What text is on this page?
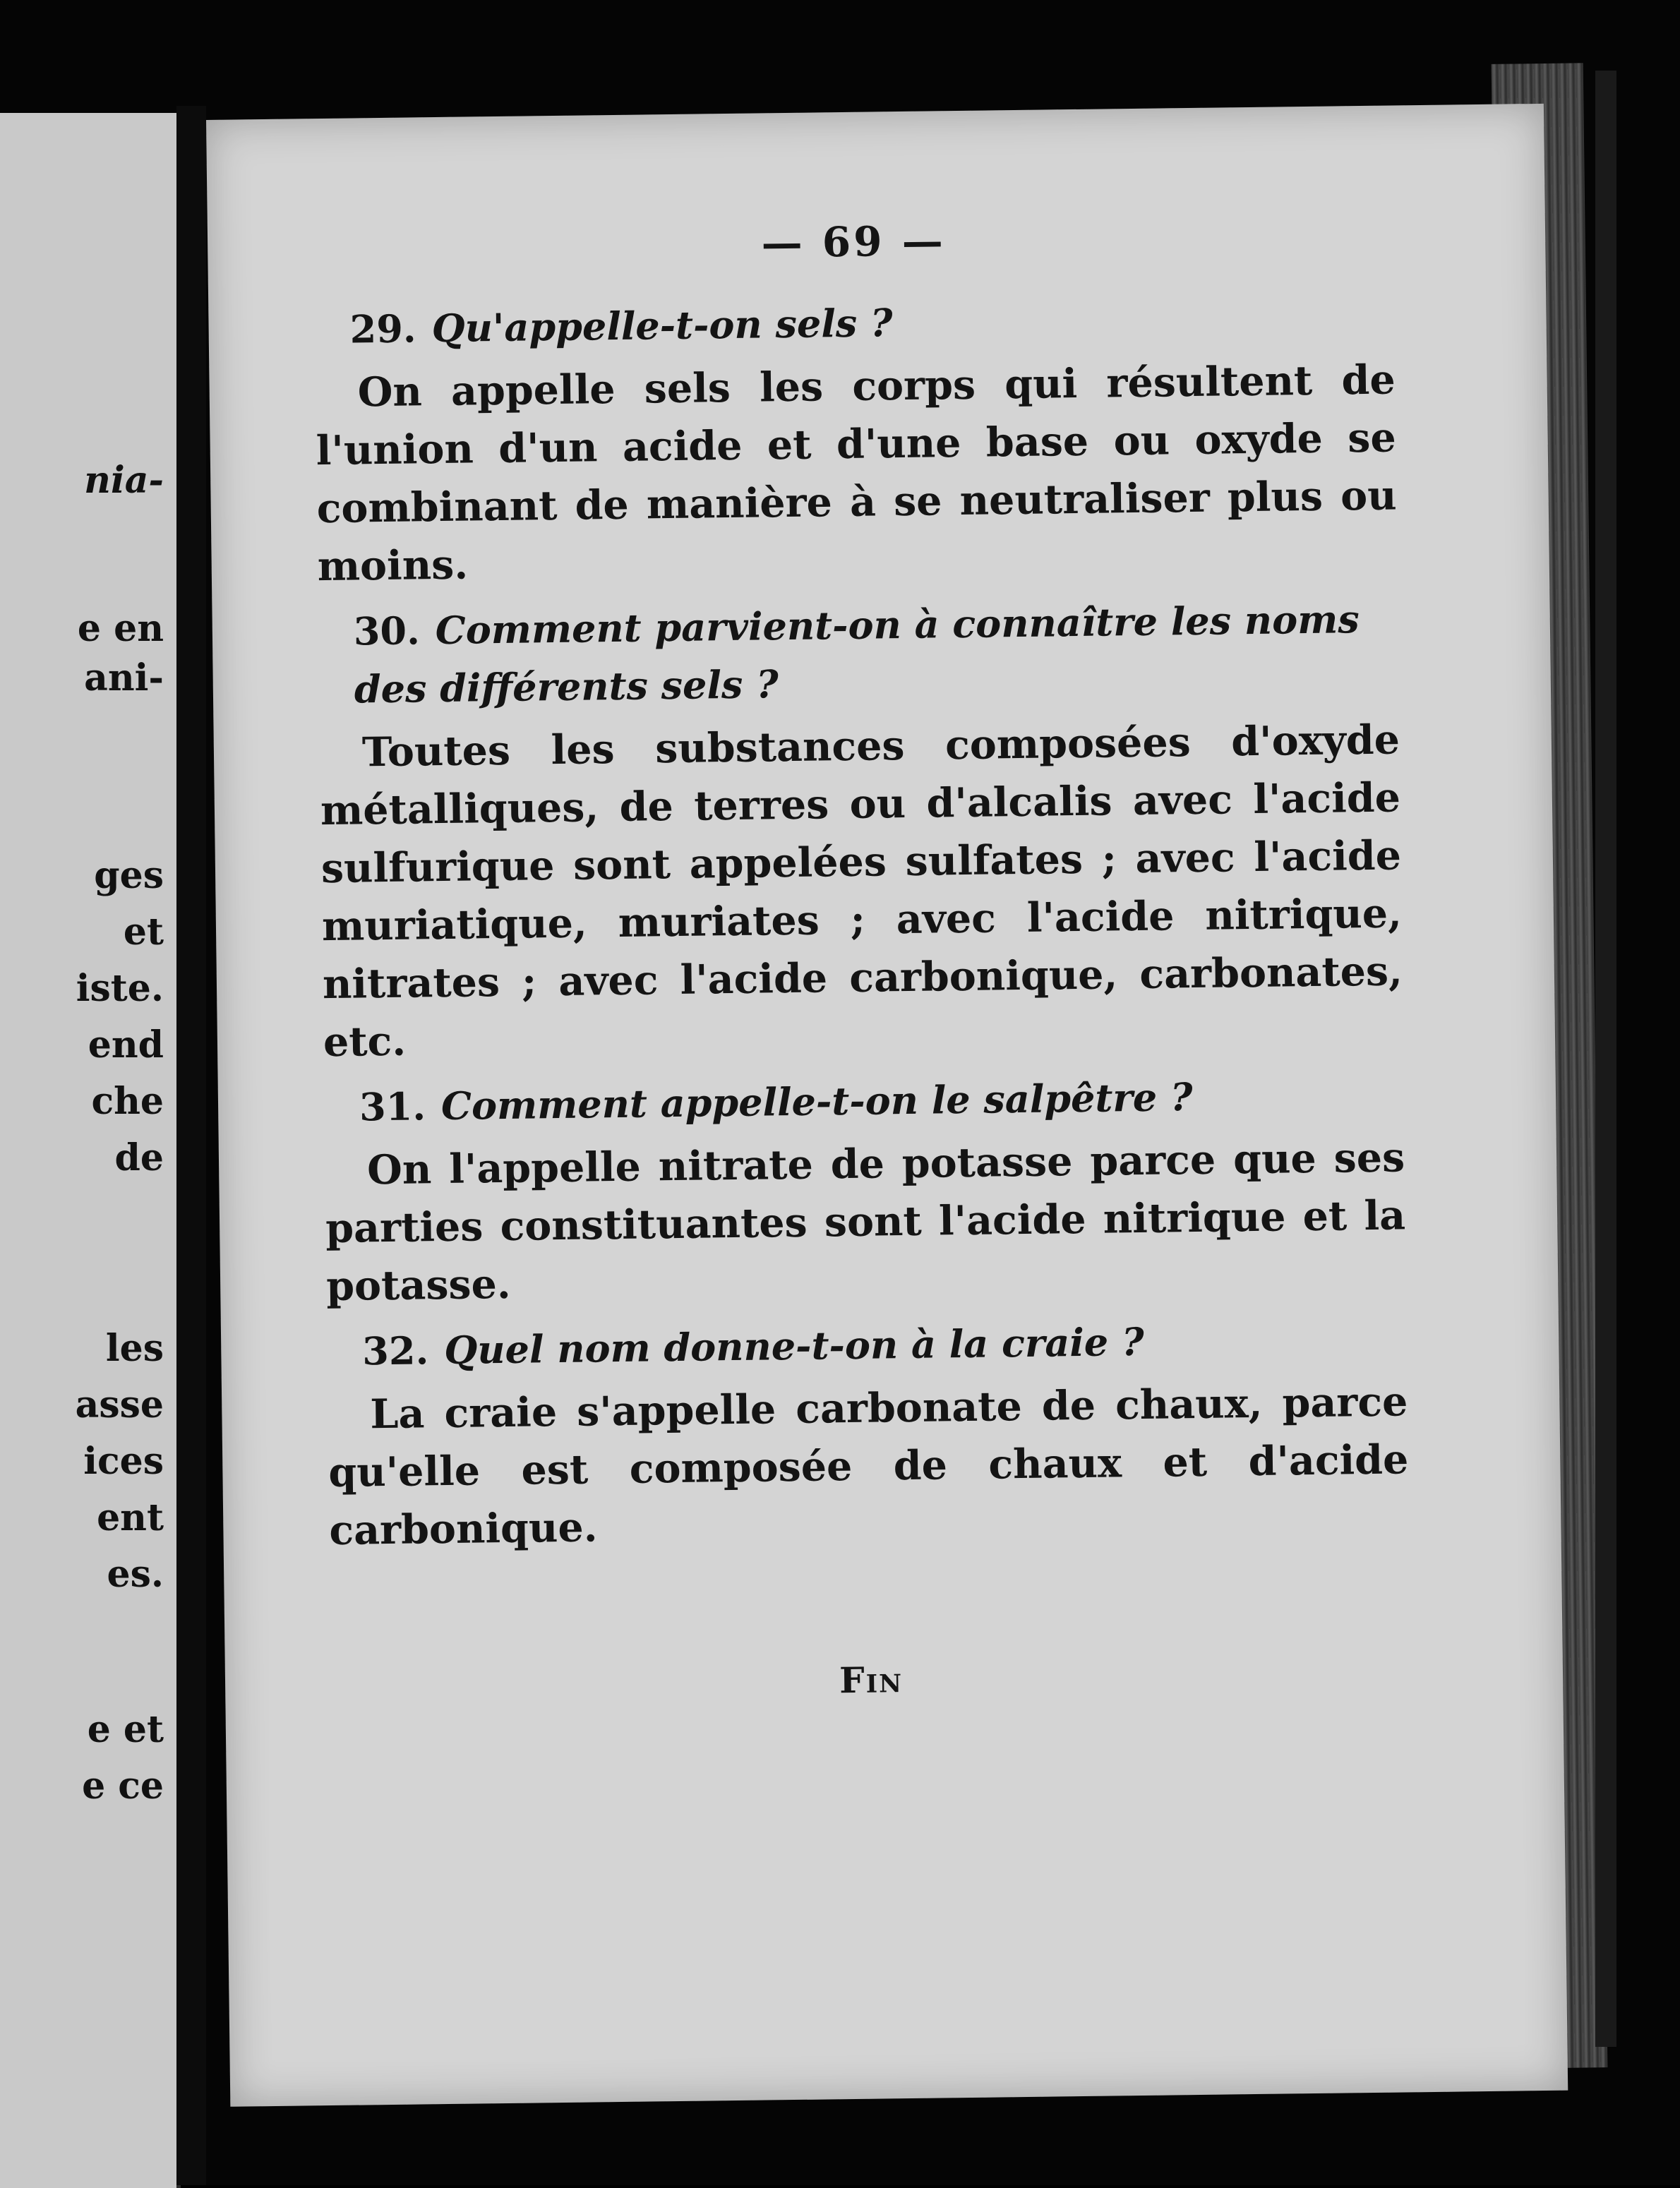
nia-
e en
ani-
ges
et
iste.
end
che
de
les
asse
ices
ent
es.
e et
e ce
— 69 —
29. Qu'appelle-t-on sels ?

On appelle sels les corps qui résultent de l'union d'un acide et d'une base ou oxyde se combinant de manière à se neutraliser plus ou moins.

30. Comment parvient-on à connaître les noms des différents sels ?

Toutes les substances composées d'oxyde métalliques, de terres ou d'alcalis avec l'acide sulfurique sont appelées sulfates ; avec l'acide muriatique, muriates ; avec l'acide nitrique, nitrates ; avec l'acide carbonique, carbonates, etc.

31. Comment appelle-t-on le salpêtre ?

On l'appelle nitrate de potasse parce que ses parties constituantes sont l'acide nitrique et la potasse.

32. Quel nom donne-t-on à la craie ?

La craie s'appelle carbonate de chaux, parce qu'elle est composée de chaux et d'acide carbonique.

Fin
